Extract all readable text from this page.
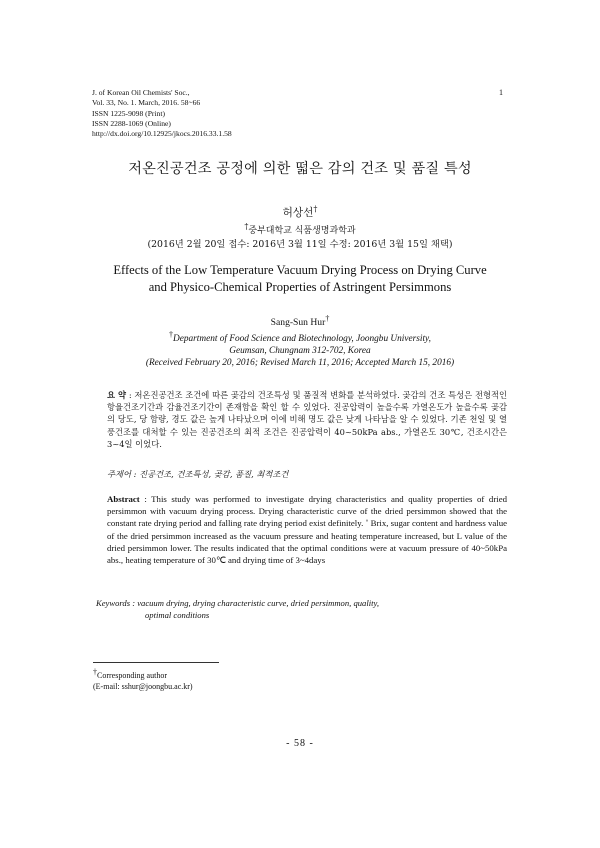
J. of Korean Oil Chemists' Soc.,
Vol. 33, No. 1. March, 2016. 58~66
ISSN 1225-9098 (Print)
ISSN 2288-1069 (Online)
http://dx.doi.org/10.12925/jkocs.2016.33.1.58
1
저온진공건조 공정에 의한 떫은 감의 건조 및 품질 특성
허상선†
†중부대학교 식품생명과학과
(2016년 2월 20일 접수: 2016년 3월 11일 수정: 2016년 3월 15일 채택)
Effects of the Low Temperature Vacuum Drying Process on Drying Curve
and Physico-Chemical Properties of Astringent Persimmons
Sang-Sun Hur†
†Department of Food Science and Biotechnology, Joongbu University,
Geumsan, Chungnam 312-702, Korea
(Received February 20, 2016; Revised March 11, 2016; Accepted March 15, 2016)
요 약 : 저온진공건조 조건에 따른 곶감의 건조특성 및 품질적 변화를 분석하였다. 곶감의 건조 특성은 전형적인 항율건조기간과 감율건조기간이 존재함을 확인 할 수 있었다. 진공압력이 높을수록 가열온도가 높을수록 곶감의 당도, 당 함량, 경도 값은 높게 나타났으며 이에 비해 명도 값은 낮게 나타남을 알 수 있었다. 기존 천일 및 열풍건조를 대처할 수 있는 진공건조의 최적 조건은 진공압력이 40~50kPa abs., 가열온도 30℃, 건조시간은 3~4일 이었다.
주제어 : 진공건조, 건조특성, 곶감, 품질, 최적조건
Abstract : This study was performed to investigate drying characteristics and quality properties of dried persimmon with vacuum drying process. Drying characteristic curve of the dried persimmon showed that the constant rate drying period and falling rate drying period exist definitely. ˚ Brix, sugar content and hardness value of the dried persimmon increased as the vacuum pressure and heating temperature increased, but L value of the dried persimmon lower. The results indicated that the optimal conditions were at vacuum pressure of 40~50kPa abs., heating temperature of 30℃ and drying time of 3~4days
Keywords : vacuum drying, drying characteristic curve, dried persimmon, quality,
optimal conditions
†Corresponding author
(E-mail: sshur@joongbu.ac.kr)
- 58 -
